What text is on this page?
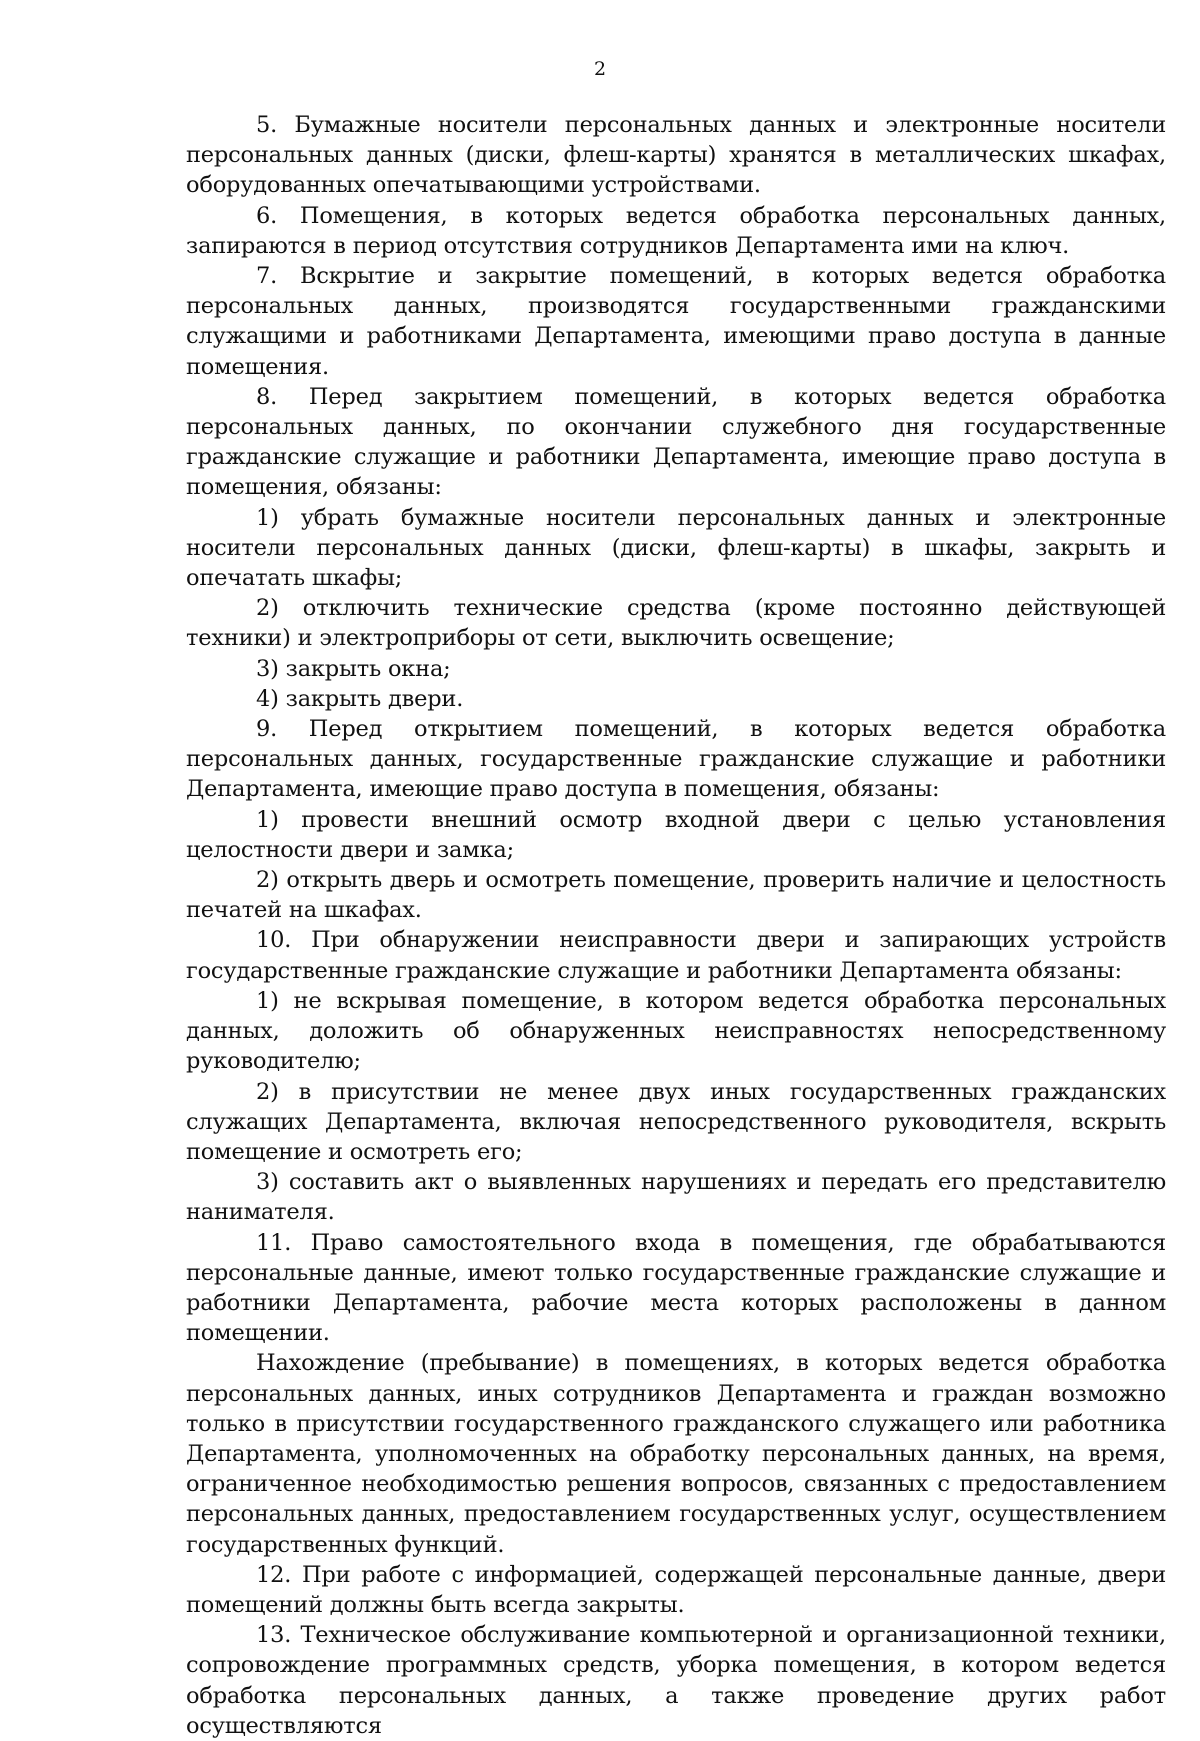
2

5. Бумажные носители персональных данных и электронные носители персональных данных (диски, флеш-карты) хранятся в металлических шкафах, оборудованных опечатывающими устройствами.

6. Помещения, в которых ведется обработка персональных данных, запираются в период отсутствия сотрудников Департамента ими на ключ.

7. Вскрытие и закрытие помещений, в которых ведется обработка персональных данных, производятся государственными гражданскими служащими и работниками Департамента, имеющими право доступа в данные помещения.

8. Перед закрытием помещений, в которых ведется обработка персональных данных, по окончании служебного дня государственные гражданские служащие и работники Департамента, имеющие право доступа в помещения, обязаны:

1) убрать бумажные носители персональных данных и электронные носители персональных данных (диски, флеш-карты) в шкафы, закрыть и опечатать шкафы;

2) отключить технические средства (кроме постоянно действующей техники) и электроприборы от сети, выключить освещение;

3) закрыть окна;

4) закрыть двери.

9. Перед открытием помещений, в которых ведется обработка персональных данных, государственные гражданские служащие и работники Департамента, имеющие право доступа в помещения, обязаны:

1) провести внешний осмотр входной двери с целью установления целостности двери и замка;

2) открыть дверь и осмотреть помещение, проверить наличие и целостность печатей на шкафах.

10. При обнаружении неисправности двери и запирающих устройств государственные гражданские служащие и работники Департамента обязаны:

1) не вскрывая помещение, в котором ведется обработка персональных данных, доложить об обнаруженных неисправностях непосредственному руководителю;

2) в присутствии не менее двух иных государственных гражданских служащих Департамента, включая непосредственного руководителя, вскрыть помещение и осмотреть его;

3) составить акт о выявленных нарушениях и передать его представителю нанимателя.

11. Право самостоятельного входа в помещения, где обрабатываются персональные данные, имеют только государственные гражданские служащие и работники Департамента, рабочие места которых расположены в данном помещении.

Нахождение (пребывание) в помещениях, в которых ведется обработка персональных данных, иных сотрудников Департамента и граждан возможно только в присутствии государственного гражданского служащего или работника Департамента, уполномоченных на обработку персональных данных, на время, ограниченное необходимостью решения вопросов, связанных с предоставлением персональных данных, предоставлением государственных услуг, осуществлением государственных функций.

12. При работе с информацией, содержащей персональные данные, двери помещений должны быть всегда закрыты.

13. Техническое обслуживание компьютерной и организационной техники, сопровождение программных средств, уборка помещения, в котором ведется обработка персональных данных, а также проведение других работ осуществляются
